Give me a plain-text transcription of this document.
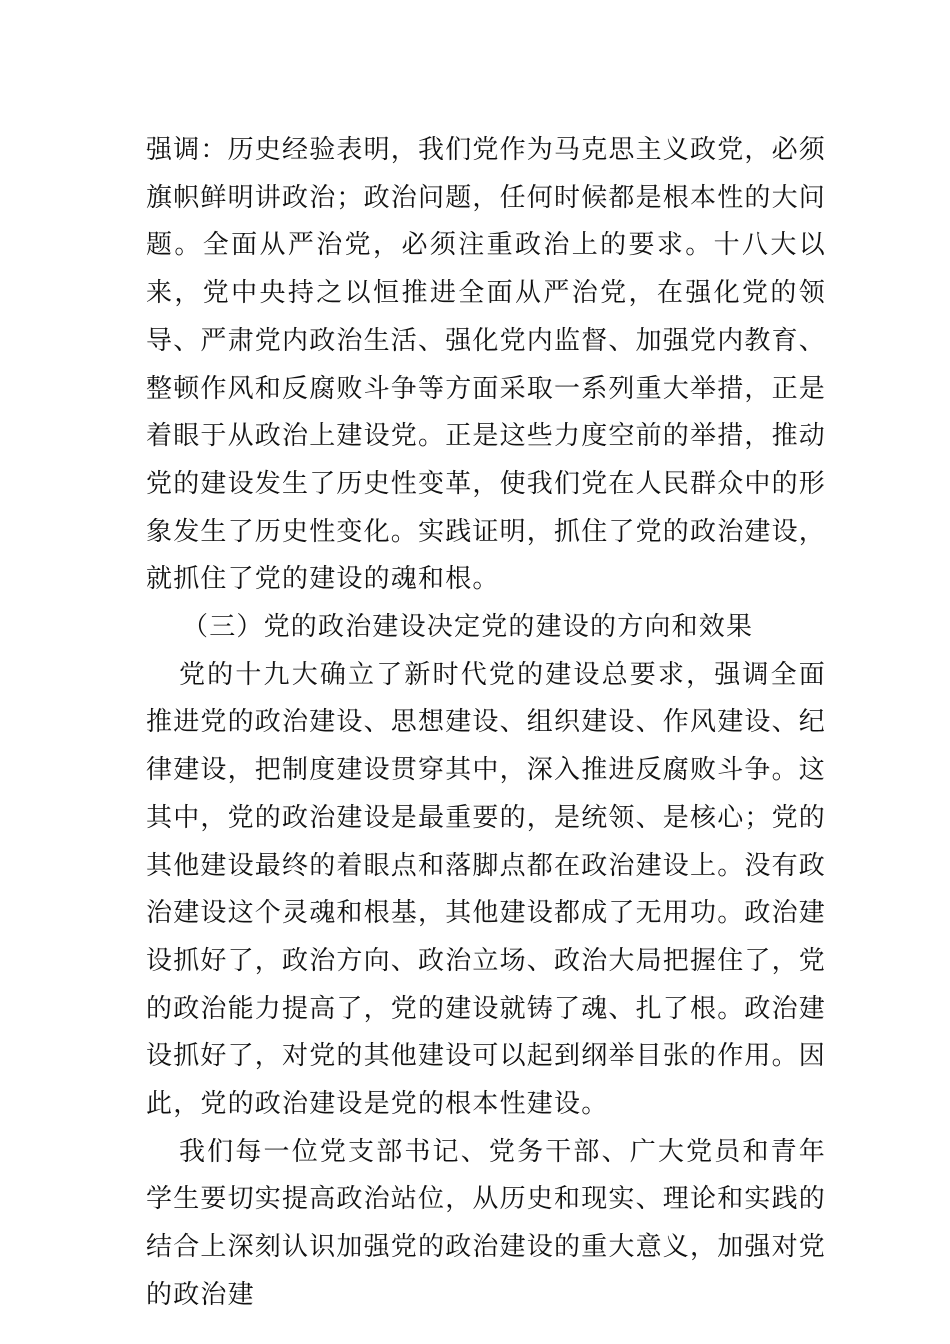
强调：历史经验表明，我们党作为马克思主义政党，必须旗帜鲜明讲政治；政治问题，任何时候都是根本性的大问题。全面从严治党，必须注重政治上的要求。十八大以来，党中央持之以恒推进全面从严治党，在强化党的领导、严肃党内政治生活、强化党内监督、加强党内教育、整顿作风和反腐败斗争等方面采取一系列重大举措，正是着眼于从政治上建设党。正是这些力度空前的举措，推动党的建设发生了历史性变革，使我们党在人民群众中的形象发生了历史性变化。实践证明，抓住了党的政治建设，就抓住了党的建设的魂和根。

（三）党的政治建设决定党的建设的方向和效果

党的十九大确立了新时代党的建设总要求，强调全面推进党的政治建设、思想建设、组织建设、作风建设、纪律建设，把制度建设贯穿其中，深入推进反腐败斗争。这其中，党的政治建设是最重要的，是统领、是核心；党的其他建设最终的着眼点和落脚点都在政治建设上。没有政治建设这个灵魂和根基，其他建设都成了无用功。政治建设抓好了，政治方向、政治立场、政治大局把握住了，党的政治能力提高了，党的建设就铸了魂、扎了根。政治建设抓好了，对党的其他建设可以起到纲举目张的作用。因此，党的政治建设是党的根本性建设。

我们每一位党支部书记、党务干部、广大党员和青年学生要切实提高政治站位，从历史和现实、理论和实践的结合上深刻认识加强党的政治建设的重大意义，加强对党的政治建
